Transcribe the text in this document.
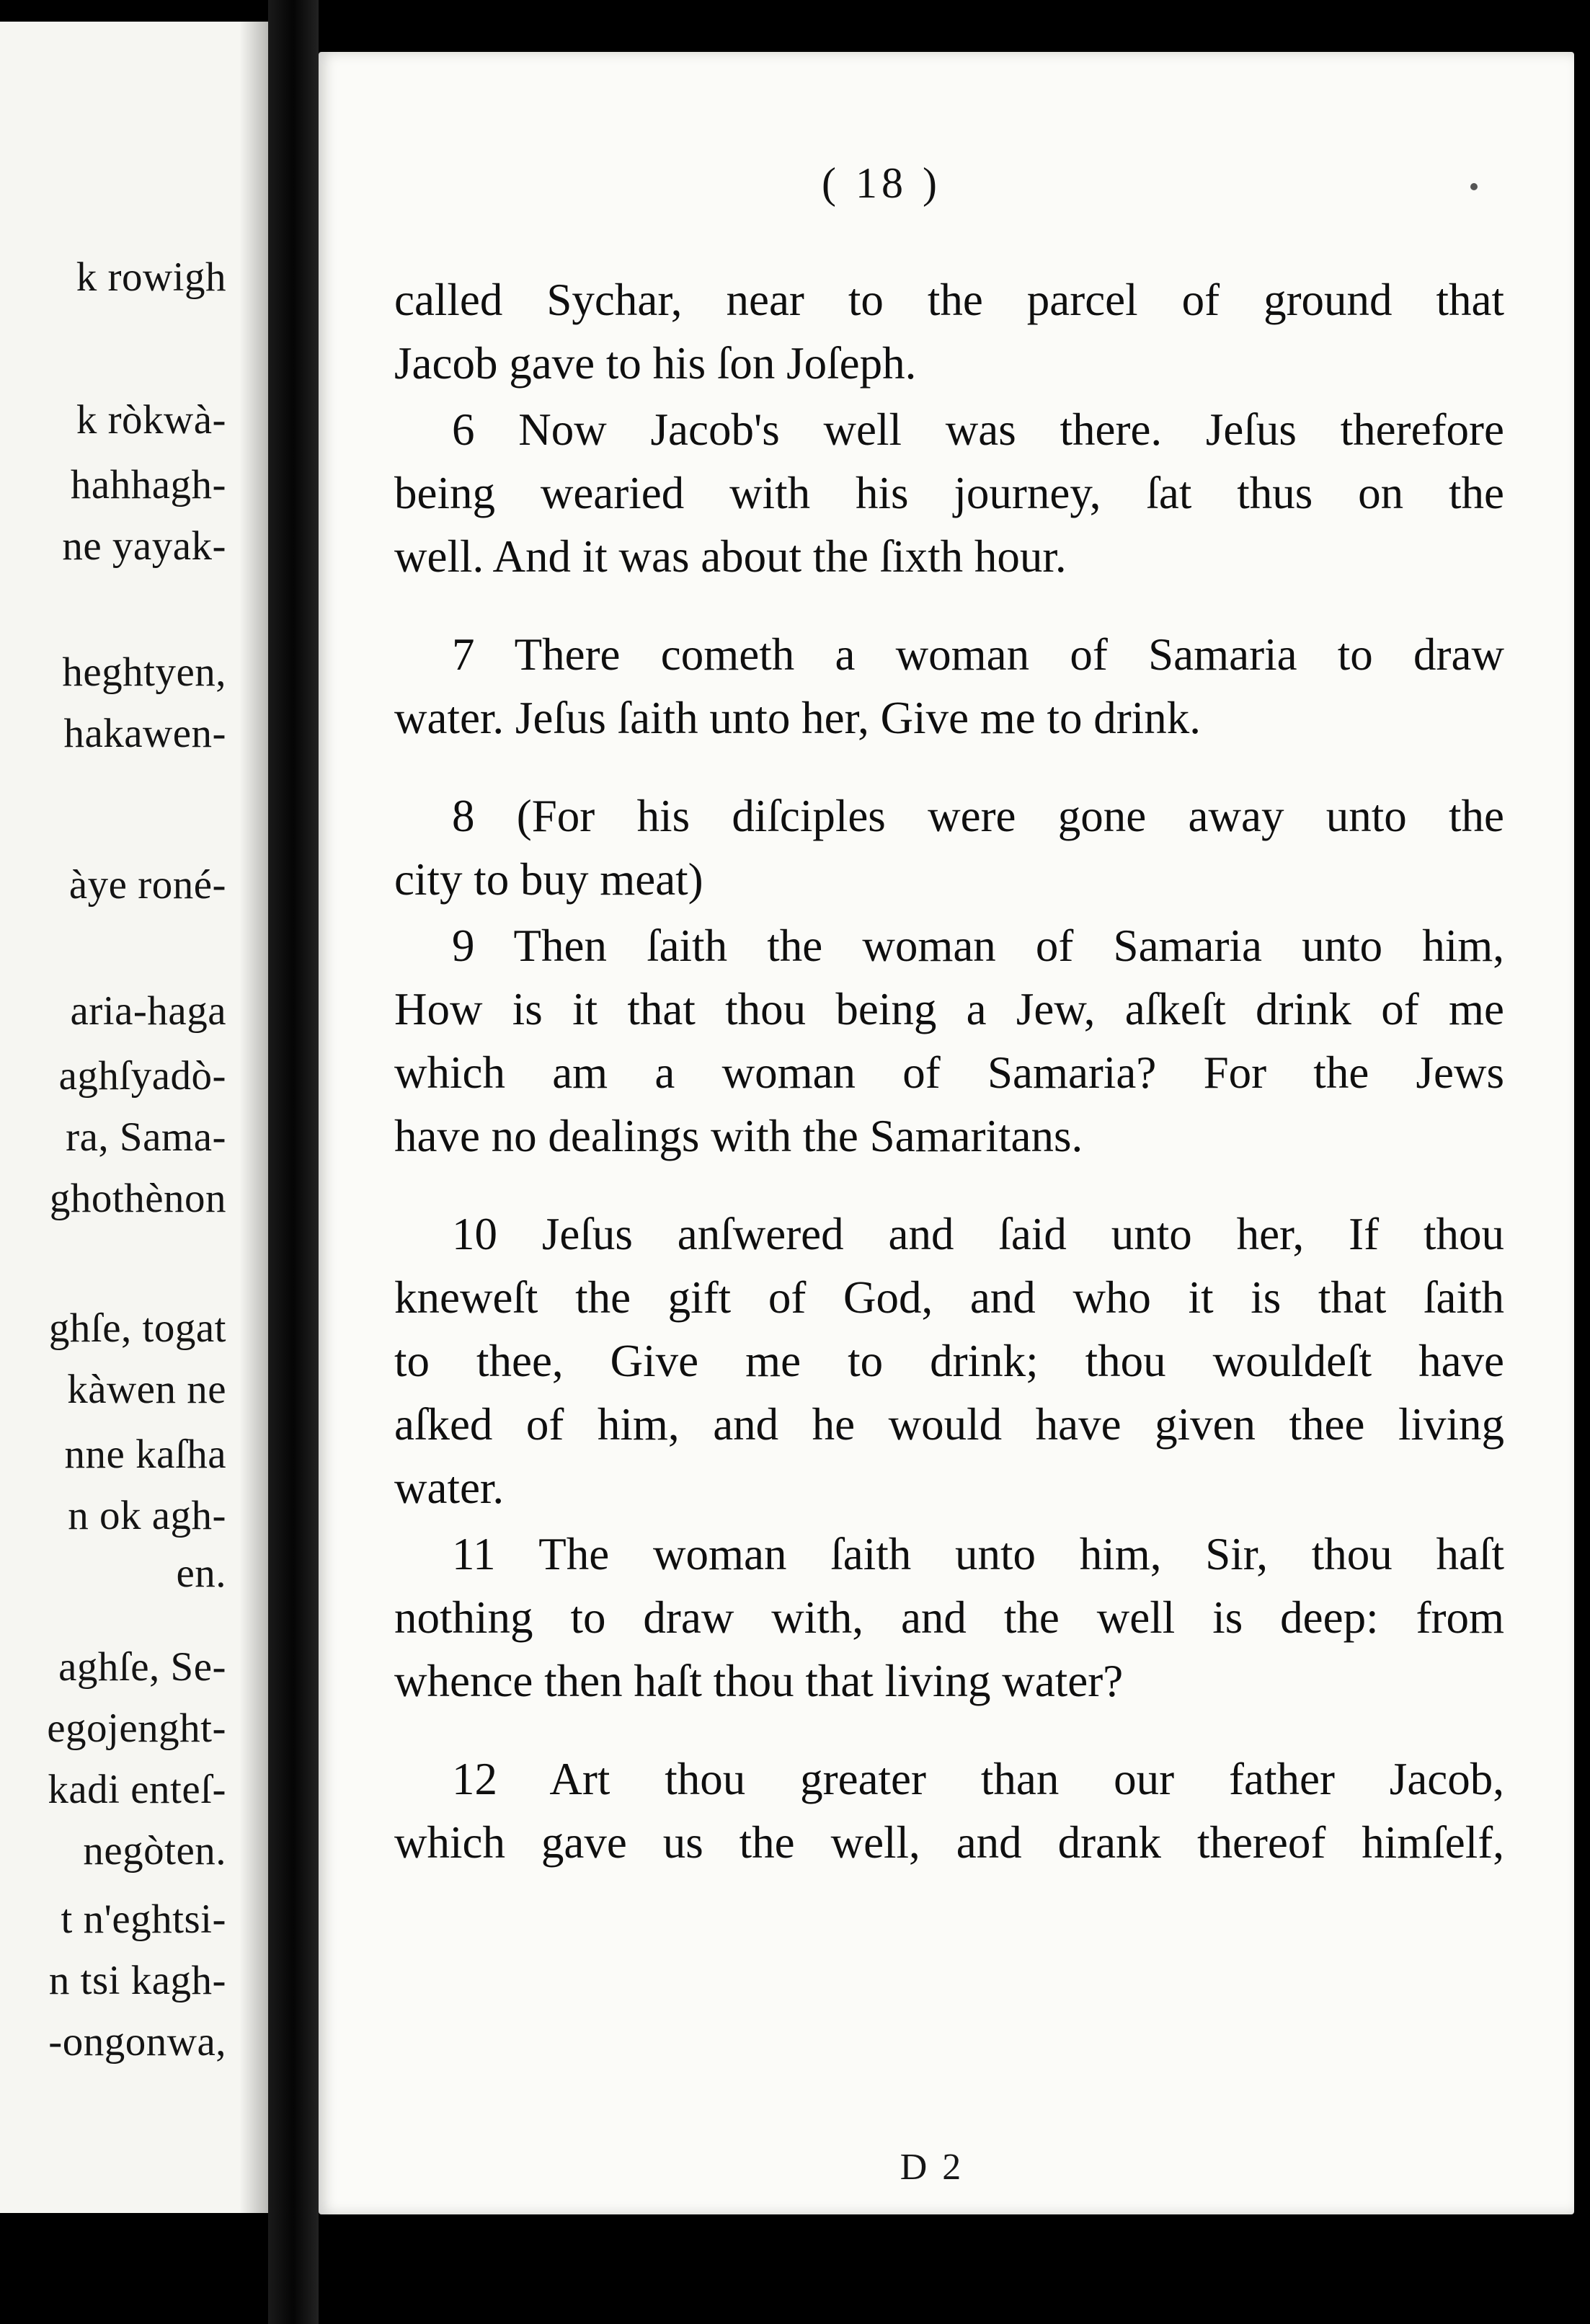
k rowigh
k ròkwà-
hahhagh-
ne yayak-
heghtyen,
hakawen-
àye roné-
aria-haga
aghſyadò-
ra, Sama-
ghothènon
ghſe, togat
kàwen ne
nne kaſha
n ok agh-
en.
aghſe, Se-
egojenght-
kadi enteſ-
negòten.
t n'eghtsi-
n tsi kagh-
-ongonwa,
( 18 )
called Sychar, near to the parcel of ground that
Jacob gave to his ſon Joſeph.
6 Now Jacob's well was there. Jeſus therefore
being wearied with his journey, ſat thus on the
well. And it was about the ſixth hour.
7 There cometh a woman of Samaria to draw
water. Jeſus ſaith unto her, Give me to drink.
8 (For his diſciples were gone away unto the
city to buy meat)
9 Then ſaith the woman of Samaria unto him,
How is it that thou being a Jew, aſkeſt drink of me
which am a woman of Samaria? For the Jews
have no dealings with the Samaritans.
10 Jeſus anſwered and ſaid unto her, If thou
kneweſt the gift of God, and who it is that ſaith
to thee, Give me to drink; thou wouldeſt have
aſked of him, and he would have given thee living
water.
11 The woman ſaith unto him, Sir, thou haſt
nothing to draw with, and the well is deep: from
whence then haſt thou that living water?
12 Art thou greater than our father Jacob,
which gave us the well, and drank thereof himſelf,
D 2
